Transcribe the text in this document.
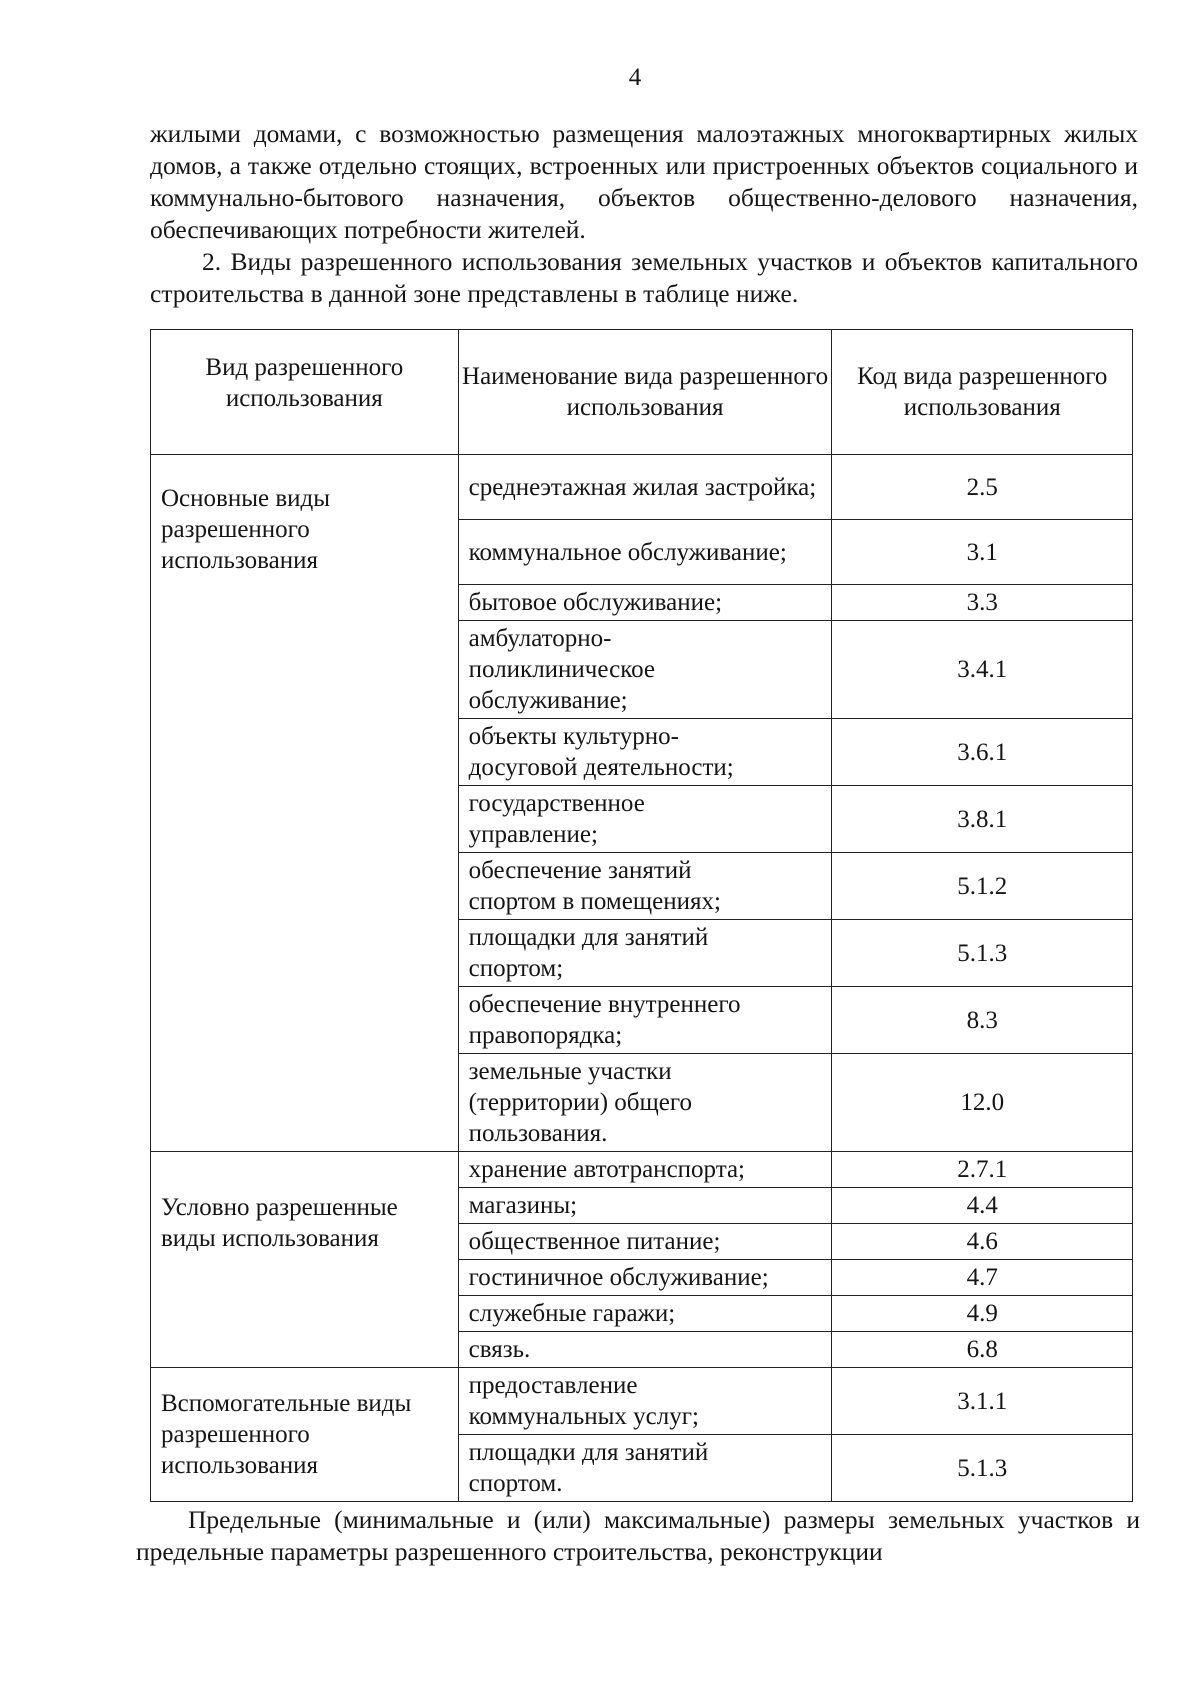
4
жилыми домами, с возможностью размещения малоэтажных многоквартирных жилых домов, а также отдельно стоящих, встроенных или пристроенных объектов социального и коммунально-бытового назначения, объектов общественно-делового назначения, обеспечивающих потребности жителей.
2. Виды разрешенного использования земельных участков и объектов капитального строительства в данной зоне представлены в таблице ниже.
Вид разрешенного использования	Наименование вида разрешенного использования	Код вида разрешенного использования
Основные виды разрешенного использования	среднеэтажная жилая застройка;	2.5
	коммунальное обслуживание;	3.1
	бытовое обслуживание;	3.3
	амбулаторно-поликлиническое обслуживание;	3.4.1
	объекты культурно-досуговой деятельности;	3.6.1
	государственное управление;	3.8.1
	обеспечение занятий спортом в помещениях;	5.1.2
	площадки для занятий спортом;	5.1.3
	обеспечение внутреннего правопорядка;	8.3
	земельные участки (территории) общего пользования.	12.0
Условно разрешенные виды использования	хранение автотранспорта;	2.7.1
	магазины;	4.4
	общественное питание;	4.6
	гостиничное обслуживание;	4.7
	служебные гаражи;	4.9
	связь.	6.8
Вспомогательные виды разрешенного использования	предоставление коммунальных услуг;	3.1.1
	площадки для занятий спортом.	5.1.3
Предельные (минимальные и (или) максимальные) размеры земельных участков и предельные параметры разрешенного строительства, реконструкции
